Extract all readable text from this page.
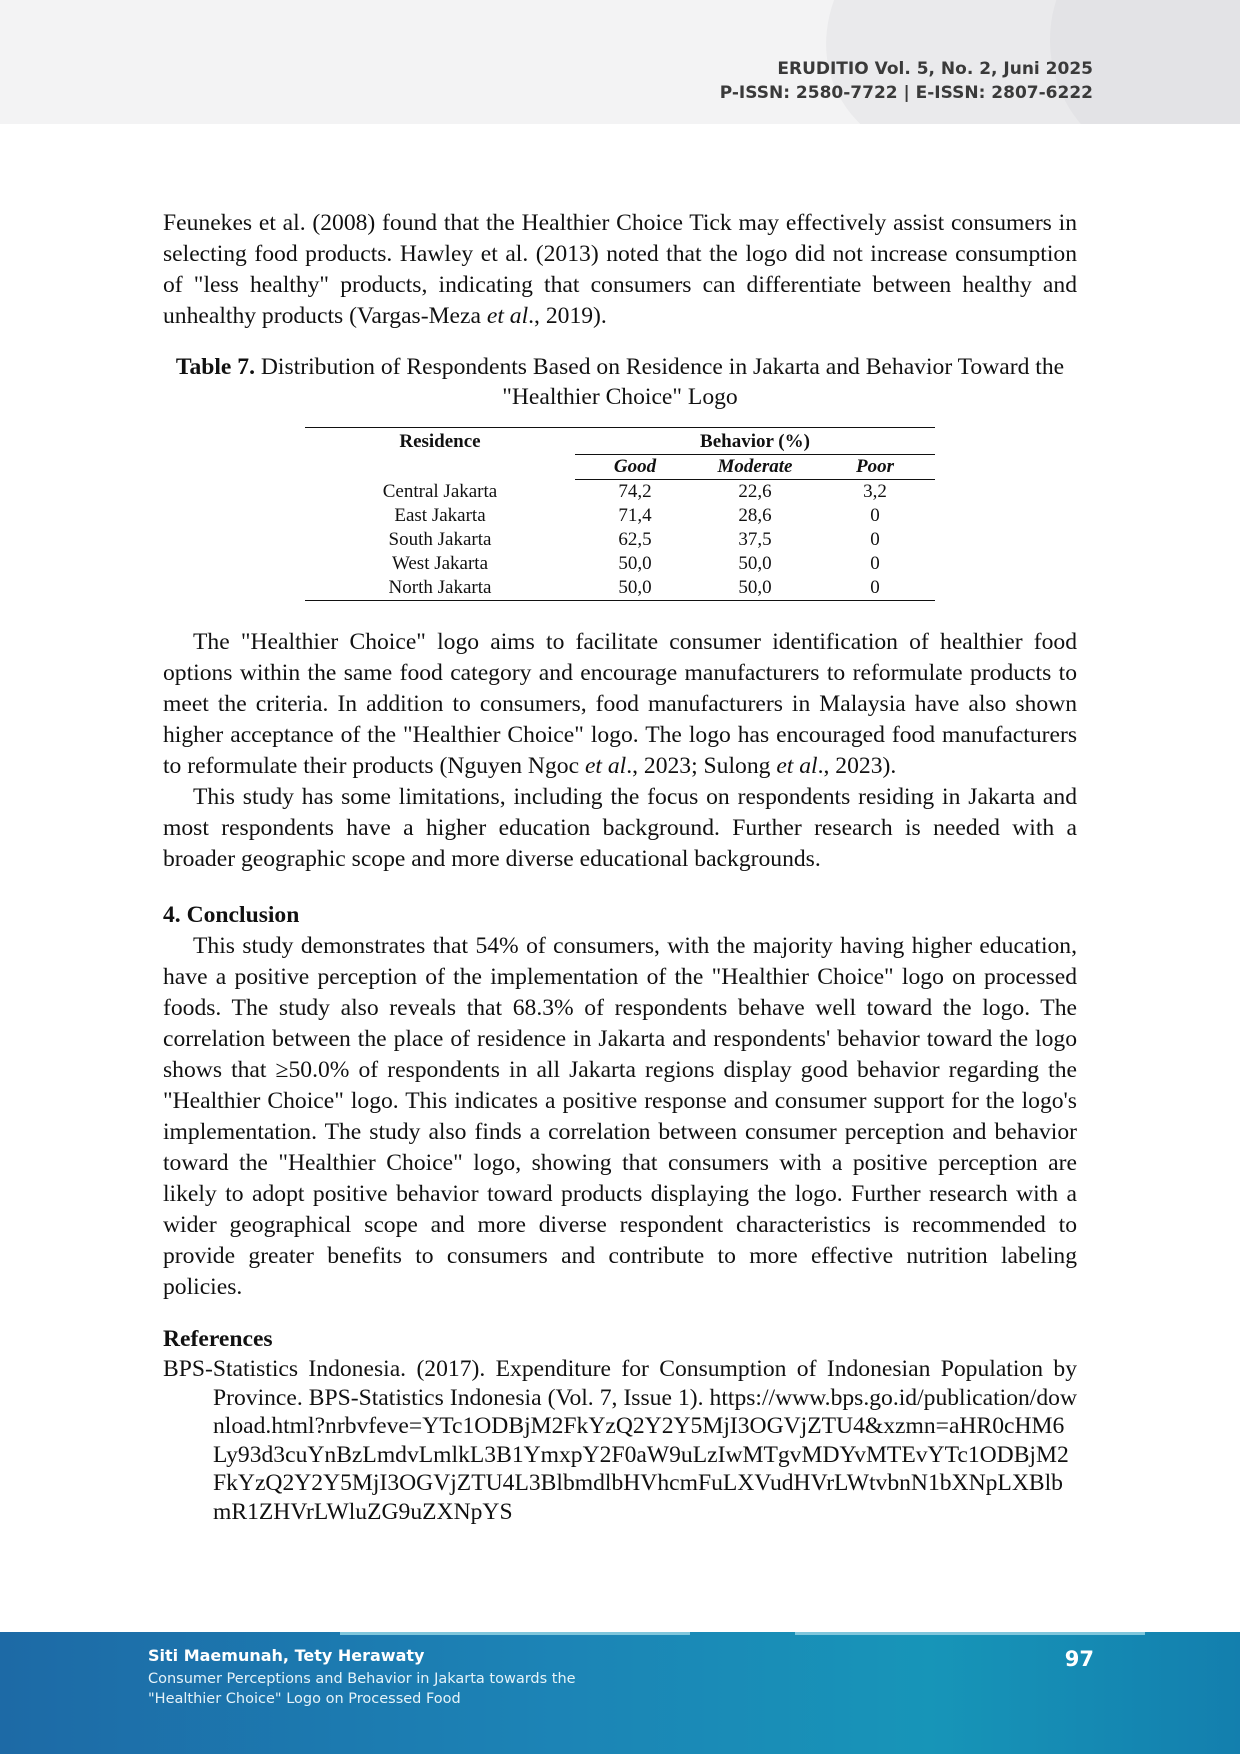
ERUDITIO Vol. 5, No. 2, Juni 2025
P-ISSN: 2580-7722 | E-ISSN: 2807-6222

Feunekes et al. (2008) found that the Healthier Choice Tick may effectively assist consumers in selecting food products. Hawley et al. (2013) noted that the logo did not increase consumption of "less healthy" products, indicating that consumers can differentiate between healthy and unhealthy products (Vargas-Meza et al., 2019).

Table 7. Distribution of Respondents Based on Residence in Jakarta and Behavior Toward the "Healthier Choice" Logo
Residence	Behavior (%)		
	Good	Moderate	Poor
Central Jakarta	74,2	22,6	3,2
East Jakarta	71,4	28,6	0
South Jakarta	62,5	37,5	0
West Jakarta	50,0	50,0	0
North Jakarta	50,0	50,0	0

The "Healthier Choice" logo aims to facilitate consumer identification of healthier food options within the same food category and encourage manufacturers to reformulate products to meet the criteria. In addition to consumers, food manufacturers in Malaysia have also shown higher acceptance of the "Healthier Choice" logo. The logo has encouraged food manufacturers to reformulate their products (Nguyen Ngoc et al., 2023; Sulong et al., 2023).

This study has some limitations, including the focus on respondents residing in Jakarta and most respondents have a higher education background. Further research is needed with a broader geographic scope and more diverse educational backgrounds.

4. Conclusion

This study demonstrates that 54% of consumers, with the majority having higher education, have a positive perception of the implementation of the "Healthier Choice" logo on processed foods. The study also reveals that 68.3% of respondents behave well toward the logo. The correlation between the place of residence in Jakarta and respondents' behavior toward the logo shows that ≥50.0% of respondents in all Jakarta regions display good behavior regarding the "Healthier Choice" logo. This indicates a positive response and consumer support for the logo's implementation. The study also finds a correlation between consumer perception and behavior toward the "Healthier Choice" logo, showing that consumers with a positive perception are likely to adopt positive behavior toward products displaying the logo. Further research with a wider geographical scope and more diverse respondent characteristics is recommended to provide greater benefits to consumers and contribute to more effective nutrition labeling policies.

References

BPS-Statistics Indonesia. (2017). Expenditure for Consumption of Indonesian Population by Province. BPS-Statistics Indonesia (Vol. 7, Issue 1). https://www.bps.go.id/publication/download.html?nrbvfeve=YTc1ODBjM2FkYzQ2Y2Y5MjI3OGVjZTU4&xzmn=aHR0cHM6Ly93d3cuYnBzLmdvLmlkL3B1YmxpY2F0aW9uLzIwMTgvMDYvMTEvYTc1ODBjM2FkYzQ2Y2Y5MjI3OGVjZTU4L3BlbmdlbHVhcmFuLXVudHVrLWtvbnN1bXNpLXBlbmR1ZHVrLWluZG9uZXNpYS

Siti Maemunah, Tety Herawaty
Consumer Perceptions and Behavior in Jakarta towards the
"Healthier Choice" Logo on Processed Food
97
